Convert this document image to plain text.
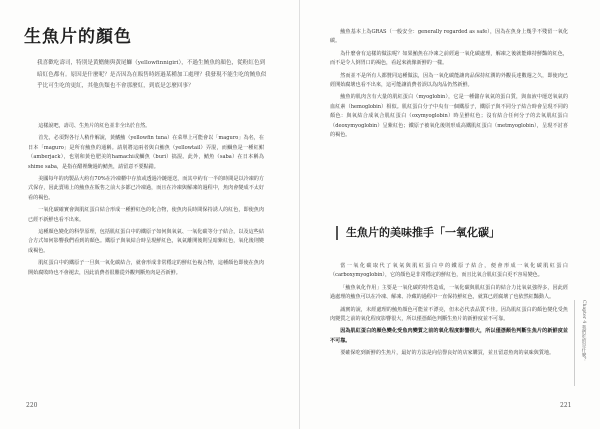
生魚片的顏色

我喜歡吃壽司，特別是黃鰭鮪與黃尾鰤（yellowfinnigiri），不過生鮪魚的顏色，從粉紅色到暗紅色都有。原因是什麼呢？是否因為在販售時經過某種加工處理？我發現不能生吃的鮪魚似乎比可生吃的更紅，其他魚類也不會那麼紅，到底是怎麼回事？

這樣說吧，壽司、生魚片的紅色並非全出於自然。

首先，必須對各行人稍作解說，黃鰭鮪（yellowfin tuna）在菜單上可能會以「maguro」為名，在日本「maguro」是所有鮪魚的通稱。請別將這兩者與白鮪魚（yellowtail）弄混，而鰤魚是一種紅魽（amberjack），也別和黃色肥美的hamachi或鰤魚（buri）搞混。此外，鯖魚（saba）在日本稱為 shime saba，是指在醋裡醃過的鯖魚，請留意不要點錯。

美國每年的肉製品大約有70%在冷凍櫃中存放或透過冷鏈運送，而其中約有一半的時間是以冷凍的方式保存，因此賣場上的鮪魚在販售之前大多都已冷凍過，而且在冷凍與解凍的過程中，魚肉會變成不太好看的褐色。

一氧化碳確實會與肌紅蛋白結合形成一種鮮紅色的化合物，使魚肉長時間保持誘人的紅色，即使魚肉已經不新鮮也看不出來。

這種顏色變化的科學原理，包括肌紅蛋白中的鐵原子如何與氧氣、一氧化碳等分子結合，以及這些結合方式如何影響我們看到的顏色。鐵原子與氧結合時呈現鮮紅色，氧氣離開後則呈暗紫紅色，氧化後則變成褐色。

肌紅蛋白中的鐵原子一旦與一氧化碳結合，就會形成非常穩定的鮮紅色複合物，這種顏色即使在魚肉開始腐敗時也不會褪去，因此消費者很難從外觀判斷魚肉是否新鮮。

220

鮪魚基本上為GRAS（一般安全：generally regarded as safe），因為在魚身上幾乎不殘留一氧化碳。

為什麼會有這樣的做法呢？如果鮪魚在冷凍之前經過一氧化碳處理，解凍之後就能維持鮮豔的紅色，而不是令人倒胃口的褐色，看起來就像新鮮的一樣。

然而並不是所有人都贊同這種做法，因為一氧化碳能讓肉品保持紅潤的外觀長達數週之久，即使肉已經開始腐壞也看不出來，這可能讓消費者誤以為肉品仍然新鮮。

鮪魚的肌肉含有大量的肌紅蛋白（myoglobin），它是一種儲存氧氣的蛋白質，與血液中運送氧氣的血紅素（hemoglobin）相似。肌紅蛋白分子中央有一個鐵原子，鐵原子與不同分子結合時會呈現不同的顏色：與氧結合成氧合肌紅蛋白（oxymyoglobin）時呈鮮紅色；沒有結合任何分子的去氧肌紅蛋白（deoxymyoglobin）呈紫紅色；鐵原子被氧化後則形成高鐵肌紅蛋白（metmyoglobin），呈現不討喜的褐色。

生魚片的美味推手「一氧化碳」

當一氧化碳取代了氧氣與肌紅蛋白中的鐵原子結合，便會形成一氧化碳肌紅蛋白（carboxymyoglobin），它的顏色是非常穩定的鮮紅色，而且比氧合肌紅蛋白更不容易變色。

「鮪魚氧化作用」主要是一氧化碳的特性造成，一氧化碳與肌紅蛋白的結合力比氧氣強得多，因此經過處理的鮪魚可以在冷凍、解凍、冷藏的過程中一直保持鮮紅色，就算已經腐壞了也依然紅豔動人。

誠實的說，未經處理的鮪魚顏色可能並不漂亮，但未必代表品質不佳。因為肌紅蛋白的顏色變化受魚肉變質之前的氧化程度影響很大，所以僅憑顏色判斷生魚片的新鮮度並不可靠。

因為肌紅蛋白的顏色變化受魚肉變質之前的氧化程度影響很大，所以僅憑顏色判斷生魚片的新鮮度並不可靠。

要確保吃到新鮮的生魚片，最好的方法是向信譽良好的店家購買，並且留意魚肉的氣味與質地。	Chapter 4 我們吃的是什麼？
221
